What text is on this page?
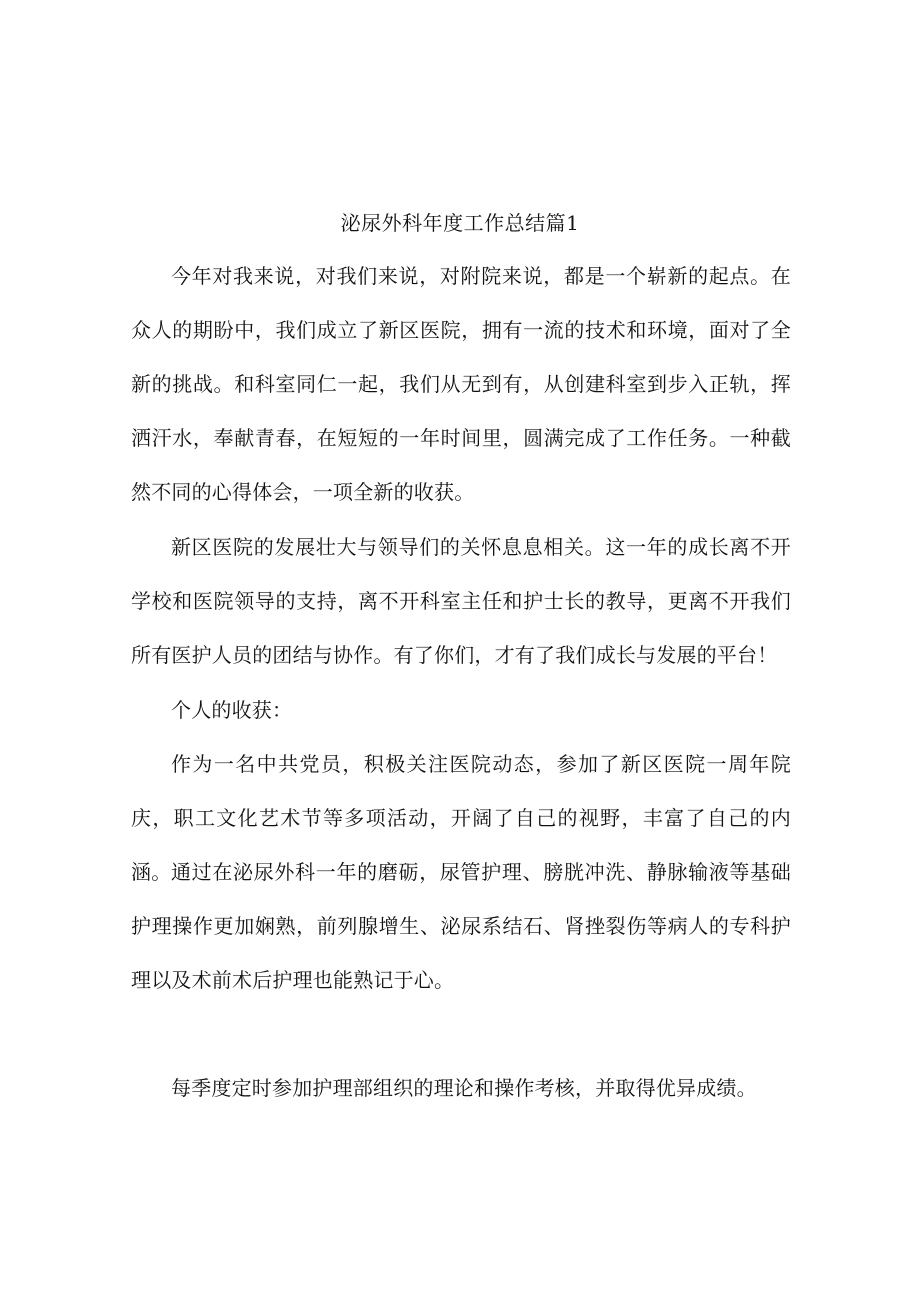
泌尿外科年度工作总结篇1

今年对我来说，对我们来说，对附院来说，都是一个崭新的起点。在众人的期盼中，我们成立了新区医院，拥有一流的技术和环境，面对了全新的挑战。和科室同仁一起，我们从无到有，从创建科室到步入正轨，挥洒汗水，奉献青春，在短短的一年时间里，圆满完成了工作任务。一种截然不同的心得体会，一项全新的收获。

新区医院的发展壮大与领导们的关怀息息相关。这一年的成长离不开学校和医院领导的支持，离不开科室主任和护士长的教导，更离不开我们所有医护人员的团结与协作。有了你们，才有了我们成长与发展的平台！

个人的收获：

作为一名中共党员，积极关注医院动态，参加了新区医院一周年院庆，职工文化艺术节等多项活动，开阔了自己的视野，丰富了自己的内涵。 通过在泌尿外科一年的磨砺，尿管护理、膀胱冲洗、静脉输液等基础护理操作更加娴熟，前列腺增生、泌尿系结石、肾挫裂伤等病人的专科护理以及术前术后护理也能熟记于心。

每季度定时参加护理部组织的理论和操作考核，并取得优异成绩。
